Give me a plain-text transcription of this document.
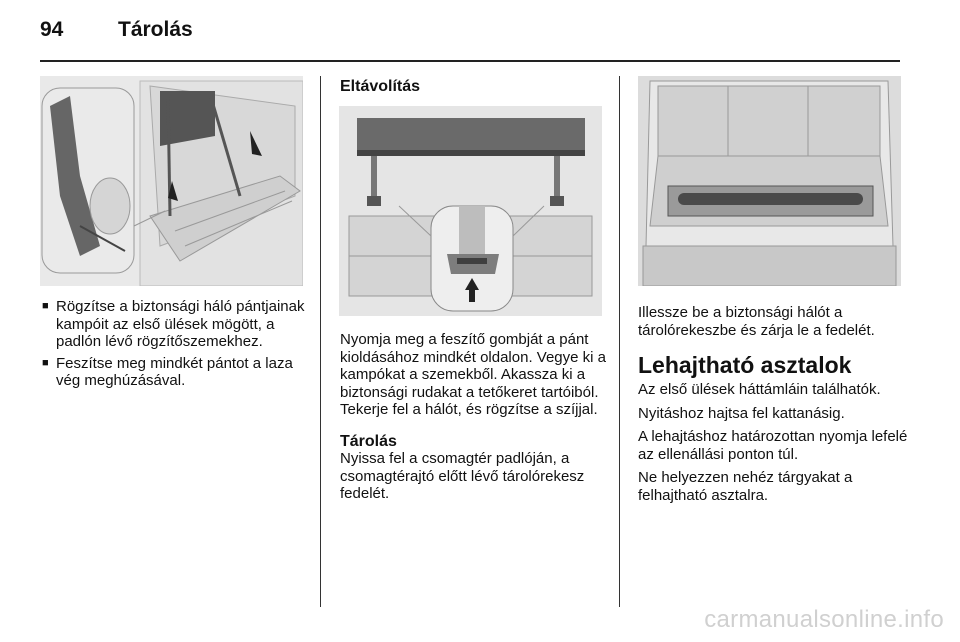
94	Tárolás
■ Rögzítse a biztonsági háló pántjainak kampóit az első ülések mögött, a padlón lévő rögzítőszemekhez.
■ Feszítse meg mindkét pántot a laza vég meghúzásával.
Eltávolítás

Nyomja meg a feszítő gombját a pánt kioldásához mindkét oldalon. Vegye ki a kampókat a szemekből. Akassza ki a biztonsági rudakat a tetőkeret tartóiból. Tekerje fel a hálót, és rögzítse a szíjjal.

Tárolás

Nyissa fel a csomagtér padlóján, a csomagtérajtó előtt lévő tárolórekesz fedelét.

Illessze be a biztonsági hálót a tárolórekeszbe és zárja le a fedelét.

Lehajtható asztalok

Az első ülések háttámláin találhatók.

Nyitáshoz hajtsa fel kattanásig.

A lehajtáshoz határozottan nyomja lefelé az ellenállási ponton túl.

Ne helyezzen nehéz tárgyakat a felhajtható asztalra.

carmanualsonline.info
